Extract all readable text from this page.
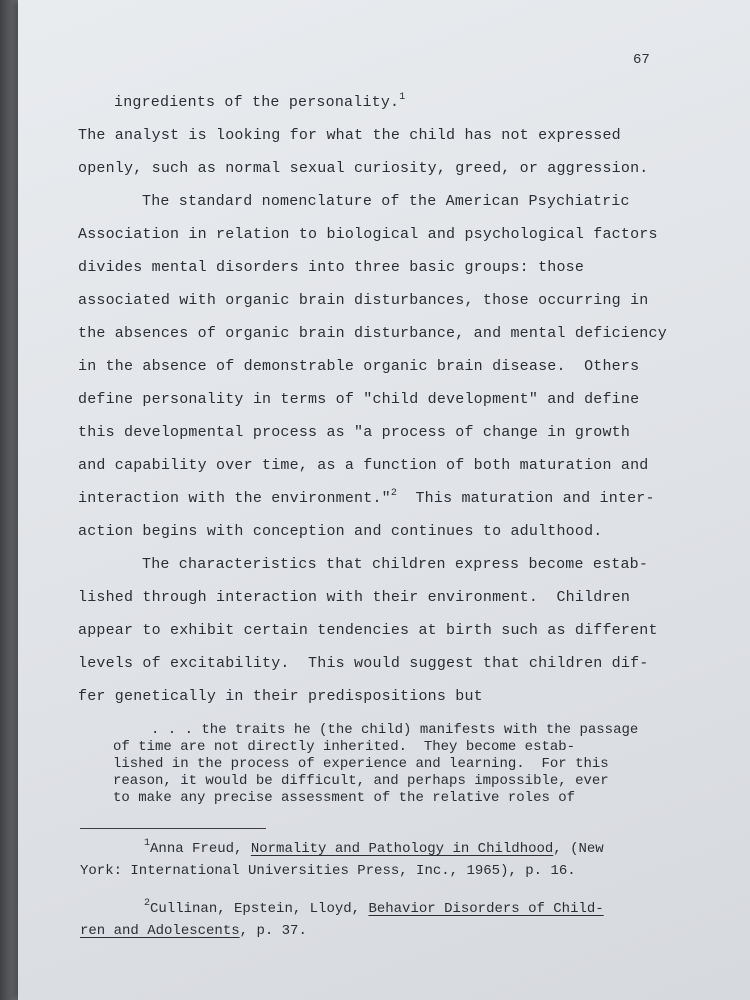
67
ingredients of the personality.$^1$
The analyst is looking for what the child has not expressed
openly, such as normal sexual curiosity, greed, or aggression.
The standard nomenclature of the American Psychiatric
Association in relation to biological and psychological factors
divides mental disorders into three basic groups: those
associated with organic brain disturbances, those occurring in
the absences of organic brain disturbance, and mental deficiency
in the absence of demonstrable organic brain disease.  Others
define personality in terms of "child development" and define
this developmental process as "a process of change in growth
and capability over time, as a function of both maturation and
interaction with the environment."$^2$  This maturation and inter-
action begins with conception and continues to adulthood.
The characteristics that children express become estab-
lished through interaction with their environment.  Children
appear to exhibit certain tendencies at birth such as different
levels of excitability.  This would suggest that children dif-
fer genetically in their predispositions but
. . . the traits he (the child) manifests with the passage
of time are not directly inherited.  They become estab-
lished in the process of experience and learning.  For this
reason, it would be difficult, and perhaps impossible, ever
to make any precise assessment of the relative roles of
$^1$Anna Freud, Normality and Pathology in Childhood, (New
York: International Universities Press, Inc., 1965), p. 16.
$^2$Cullinan, Epstein, Lloyd, Behavior Disorders of Child-
ren and Adolescents, p. 37.
